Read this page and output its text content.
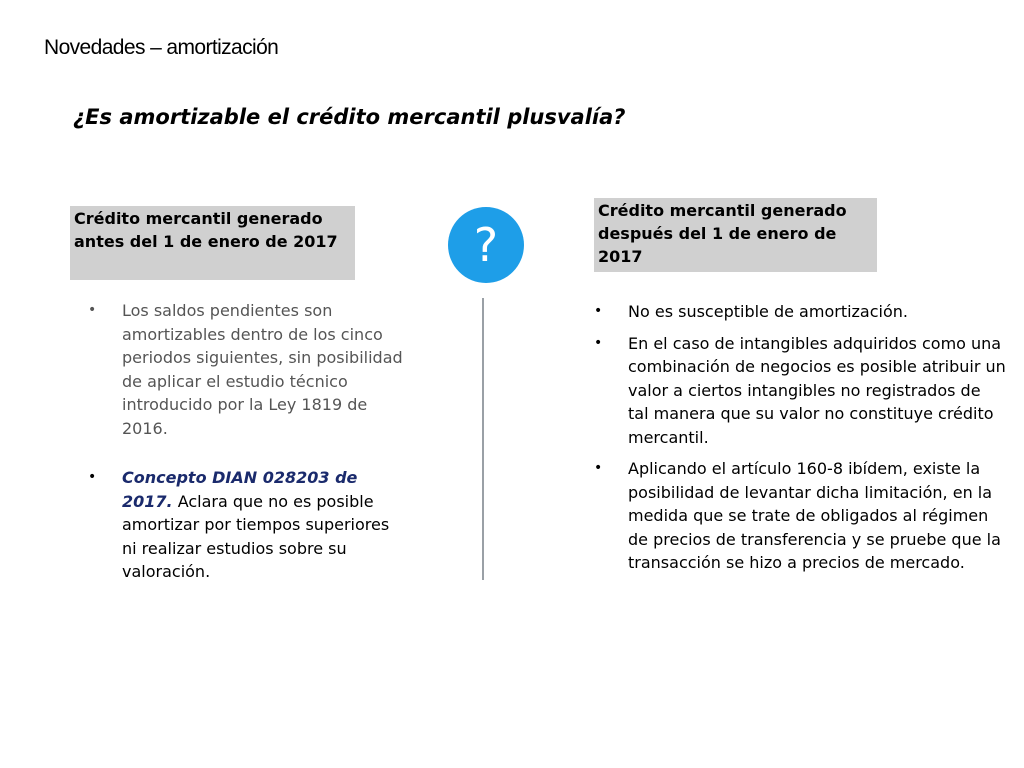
Novedades – amortización
¿Es amortizable el crédito mercantil plusvalía?
Crédito mercantil generado antes del 1 de enero de 2017	?
Crédito mercantil generado después del 1 de enero de 2017
• Los saldos pendientes son amortizables dentro de los cinco periodos siguientes, sin posibilidad de aplicar el estudio técnico introducido por la Ley 1819 de 2016.
• Concepto DIAN 028203 de 2017. Aclara que no es posible amortizar por tiempos superiores ni realizar estudios sobre su valoración.
• No es susceptible de amortización.
• En el caso de intangibles adquiridos como una combinación de negocios es posible atribuir un valor a ciertos intangibles no registrados de tal manera que su valor no constituye crédito mercantil.
• Aplicando el artículo 160-8 ibídem, existe la posibilidad de levantar dicha limitación, en la medida que se trate de obligados al régimen de precios de transferencia y se pruebe que la transacción se hizo a precios de mercado.
